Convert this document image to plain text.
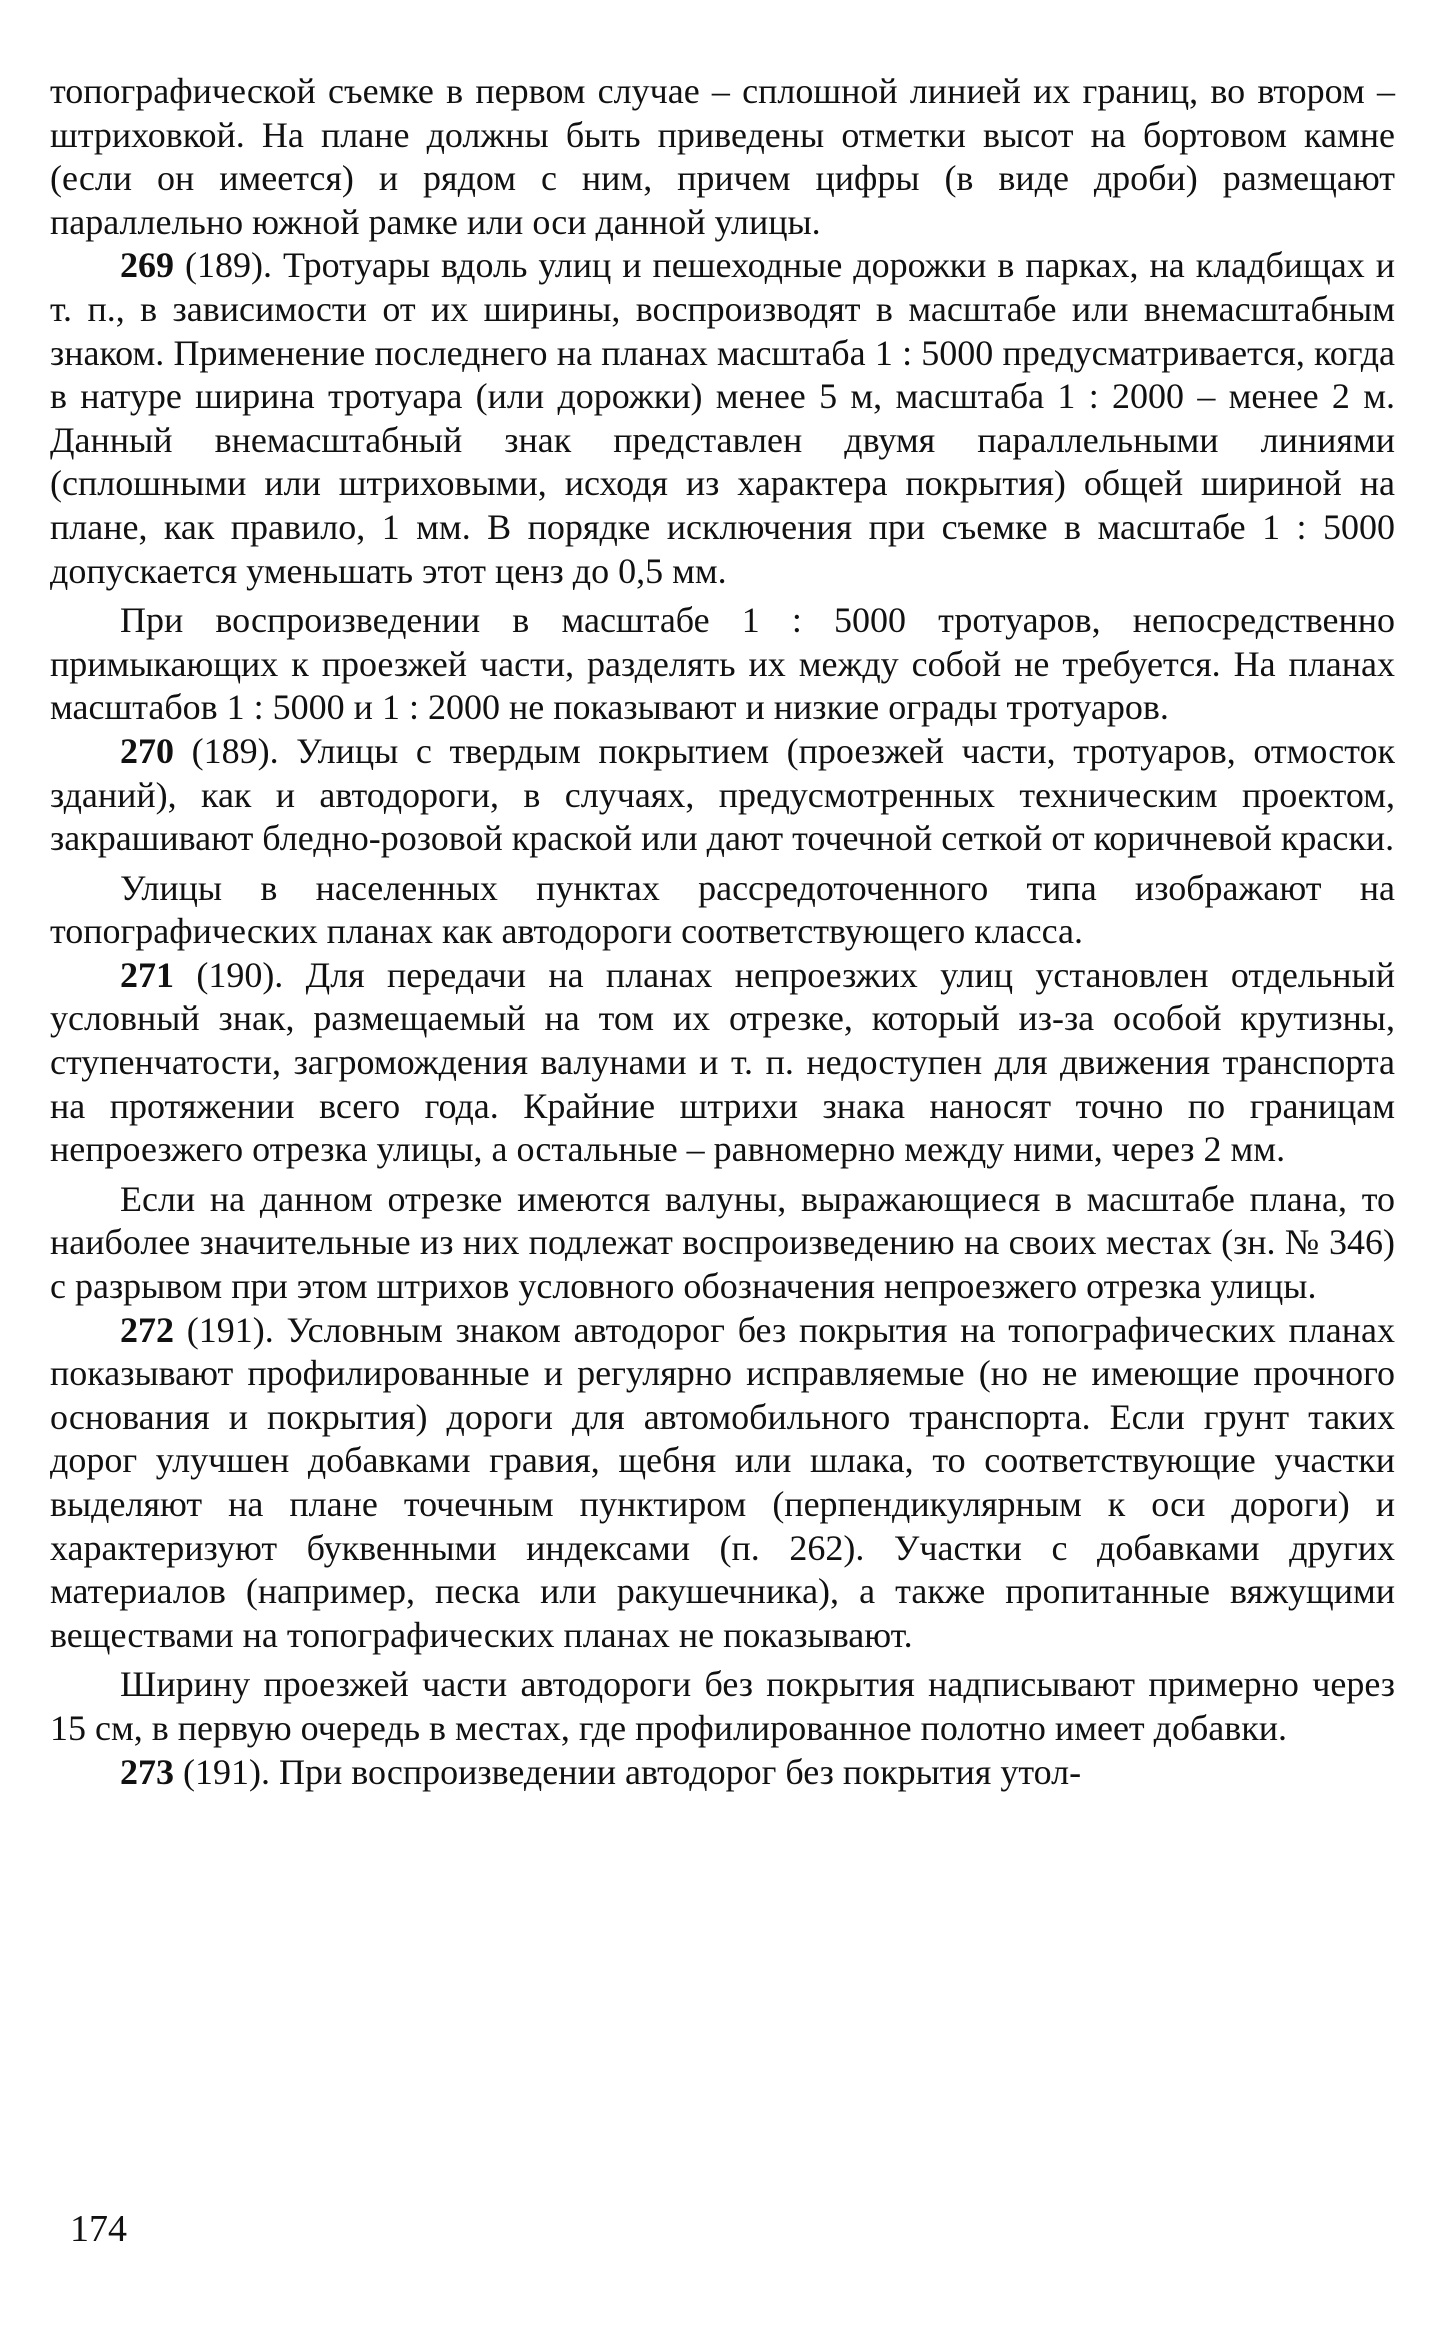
топографической съемке в первом случае – сплошной линией их границ, во втором – штриховкой. На плане должны быть приведены отметки высот на бортовом камне (если он имеется) и рядом с ним, причем цифры (в виде дроби) размещают параллельно южной рамке или оси данной улицы.

269 (189). Тротуары вдоль улиц и пешеходные дорожки в парках, на кладбищах и т. п., в зависимости от их ширины, воспроизводят в масштабе или внемасштабным знаком. Применение последнего на планах масштаба 1 : 5000 предусматривается, когда в натуре ширина тротуара (или дорожки) менее 5 м, масштаба 1 : 2000 – менее 2 м. Данный внемасштабный знак представлен двумя параллельными линиями (сплошными или штриховыми, исходя из характера покрытия) общей шириной на плане, как правило, 1 мм. В порядке исключения при съемке в масштабе 1 : 5000 допускается уменьшать этот ценз до 0,5 мм.

При воспроизведении в масштабе 1 : 5000 тротуаров, непосредственно примыкающих к проезжей части, разделять их между собой не требуется. На планах масштабов 1 : 5000 и 1 : 2000 не показывают и низкие ограды тротуаров.

270 (189). Улицы с твердым покрытием (проезжей части, тротуаров, отмосток зданий), как и автодороги, в случаях, предусмотренных техническим проектом, закрашивают бледно-розовой краской или дают точечной сеткой от коричневой краски.

Улицы в населенных пунктах рассредоточенного типа изображают на топографических планах как автодороги соответствующего класса.

271 (190). Для передачи на планах непроезжих улиц установлен отдельный условный знак, размещаемый на том их отрезке, который из-за особой крутизны, ступенчатости, загромождения валунами и т. п. недоступен для движения транспорта на протяжении всего года. Крайние штрихи знака наносят точно по границам непроезжего отрезка улицы, а остальные – равномерно между ними, через 2 мм.

Если на данном отрезке имеются валуны, выражающиеся в масштабе плана, то наиболее значительные из них подлежат воспроизведению на своих местах (зн. № 346) с разрывом при этом штрихов условного обозначения непроезжего отрезка улицы.

272 (191). Условным знаком автодорог без покрытия на топографических планах показывают профилированные и регулярно исправляемые (но не имеющие прочного основания и покрытия) дороги для автомобильного транспорта. Если грунт таких дорог улучшен добавками гравия, щебня или шлака, то соответствующие участки выделяют на плане точечным пунктиром (перпендикулярным к оси дороги) и характеризуют буквенными индексами (п. 262). Участки с добавками других материалов (например, песка или ракушечника), а также пропитанные вяжущими веществами на топографических планах не показывают.

Ширину проезжей части автодороги без покрытия надписывают примерно через 15 см, в первую очередь в местах, где профилированное полотно имеет добавки.

273 (191). При воспроизведении автодорог без покрытия утол-

174
